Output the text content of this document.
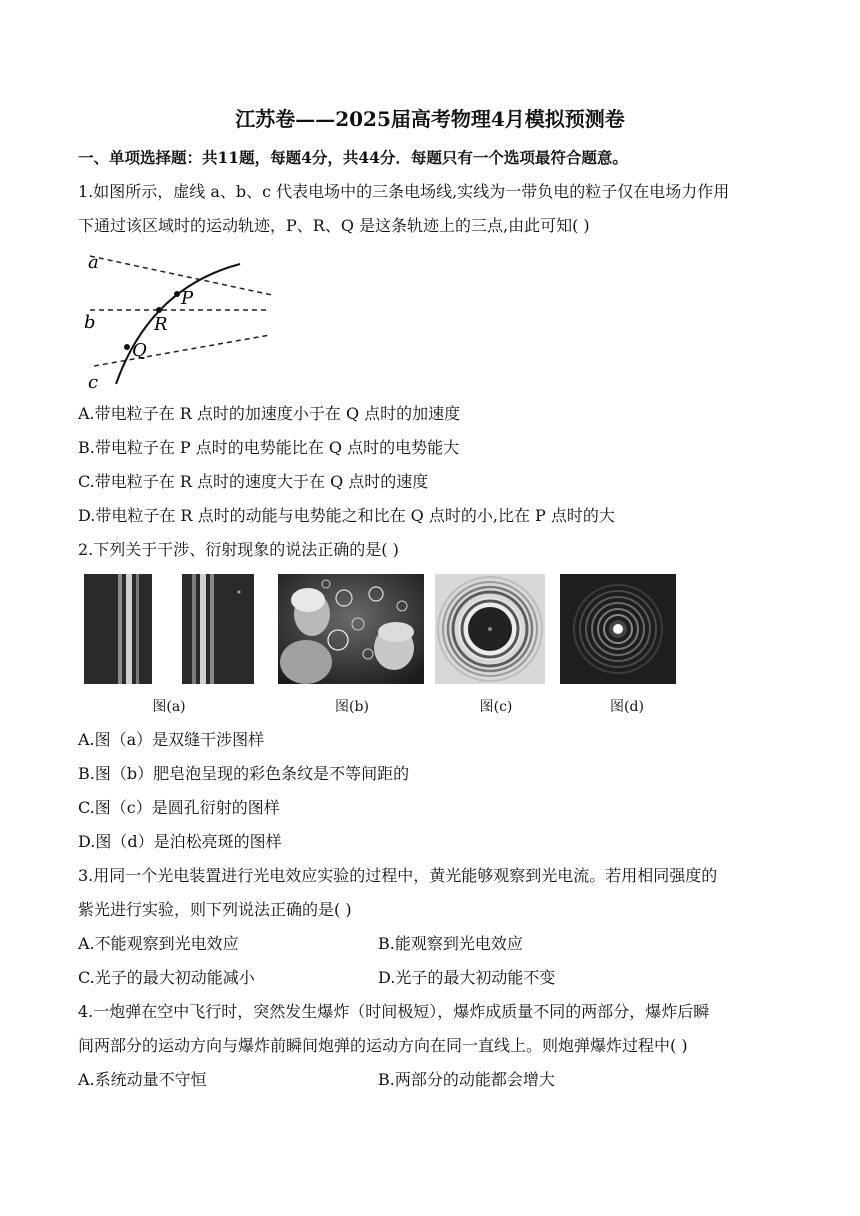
江苏卷——2025届高考物理4月模拟预测卷
一、单项选择题：共11题，每题4分，共44分．每题只有一个选项最符合题意。
1.如图所示，虚线 a、b、c 代表电场中的三条电场线,实线为一带负电的粒子仅在电场力作用
下通过该区域时的运动轨迹，P、R、Q 是这条轨迹上的三点,由此可知( )
a
b
c
P
R
Q
A.带电粒子在 R 点时的加速度小于在 Q 点时的加速度
B.带电粒子在 P 点时的电势能比在 Q 点时的电势能大
C.带电粒子在 R 点时的速度大于在 Q 点时的速度
D.带电粒子在 R 点时的动能与电势能之和比在 Q 点时的小,比在 P 点时的大
2.下列关于干涉、衍射现象的说法正确的是( )
图(a)	图(b)	图(c)	图(d)
A.图（a）是双缝干涉图样
B.图（b）肥皂泡呈现的彩色条纹是不等间距的
C.图（c）是圆孔衍射的图样
D.图（d）是泊松亮斑的图样
3.用同一个光电装置进行光电效应实验的过程中，黄光能够观察到光电流。若用相同强度的
紫光进行实验，则下列说法正确的是( )
A.不能观察到光电效应	B.能观察到光电效应
C.光子的最大初动能减小	D.光子的最大初动能不变
4.一炮弹在空中飞行时，突然发生爆炸（时间极短），爆炸成质量不同的两部分，爆炸后瞬
间两部分的运动方向与爆炸前瞬间炮弹的运动方向在同一直线上。则炮弹爆炸过程中( )
A.系统动量不守恒	B.两部分的动能都会增大
